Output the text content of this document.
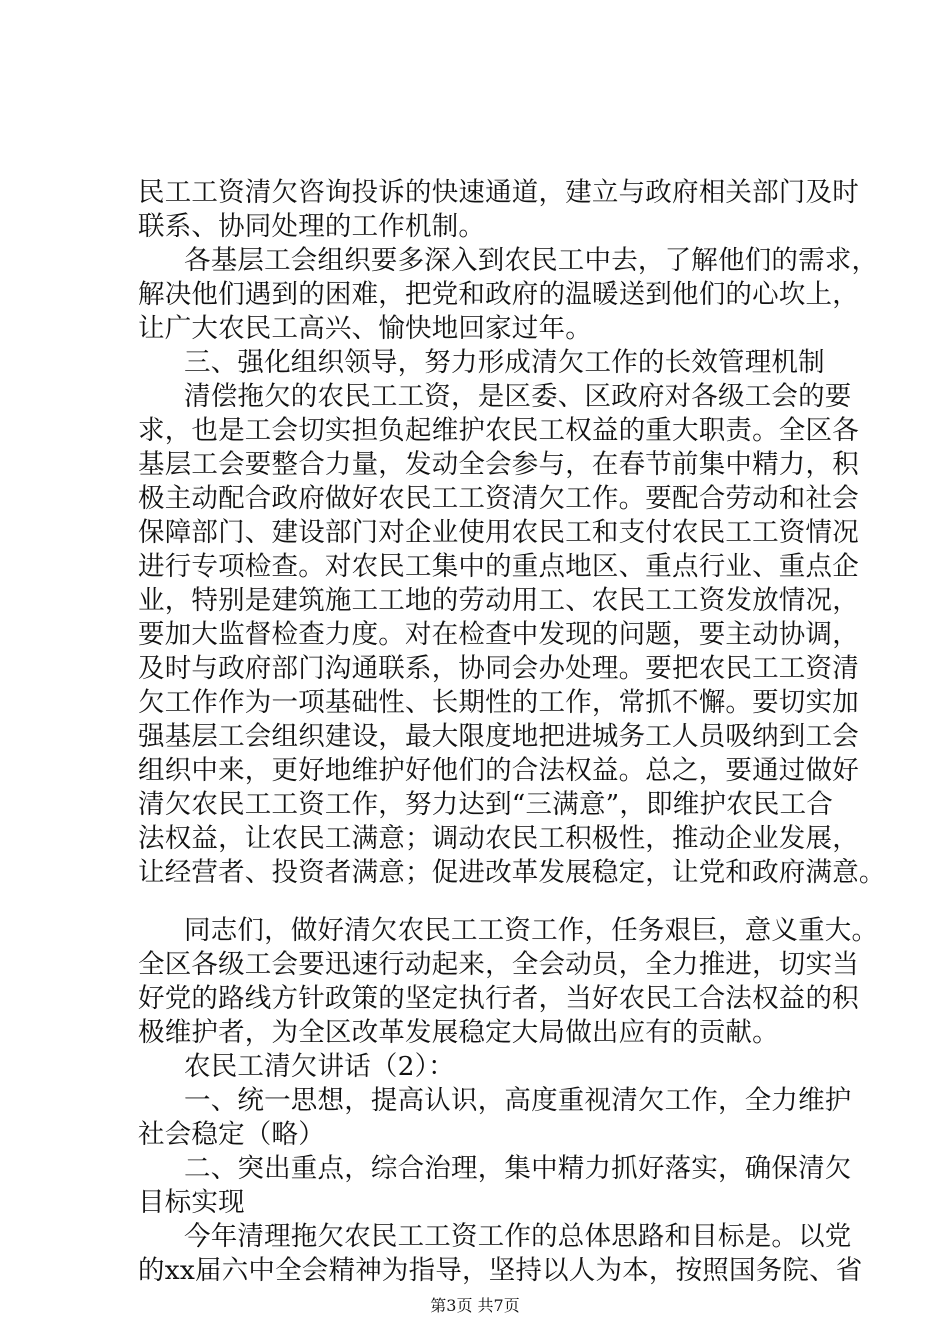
民工工资清欠咨询投诉的快速通道，建立与政府相关部门及时
联系、协同处理的工作机制。
各基层工会组织要多深入到农民工中去，了解他们的需求，
解决他们遇到的困难，把党和政府的温暖送到他们的心坎上，
让广大农民工高兴、愉快地回家过年。
三、强化组织领导，努力形成清欠工作的长效管理机制
清偿拖欠的农民工工资，是区委、区政府对各级工会的要
求，也是工会切实担负起维护农民工权益的重大职责。全区各
基层工会要整合力量，发动全会参与，在春节前集中精力，积
极主动配合政府做好农民工工资清欠工作。要配合劳动和社会
保障部门、建设部门对企业使用农民工和支付农民工工资情况
进行专项检查。对农民工集中的重点地区、重点行业、重点企
业，特别是建筑施工工地的劳动用工、农民工工资发放情况，
要加大监督检查力度。对在检查中发现的问题，要主动协调，
及时与政府部门沟通联系，协同会办处理。要把农民工工资清
欠工作作为一项基础性、长期性的工作，常抓不懈。要切实加
强基层工会组织建设，最大限度地把进城务工人员吸纳到工会
组织中来，更好地维护好他们的合法权益。总之，要通过做好
清欠农民工工资工作，努力达到“三满意”，即维护农民工合
法权益，让农民工满意；调动农民工积极性，推动企业发展，
让经营者、投资者满意；促进改革发展稳定，让党和政府满意。
同志们，做好清欠农民工工资工作，任务艰巨，意义重大。
全区各级工会要迅速行动起来，全会动员，全力推进，切实当
好党的路线方针政策的坚定执行者，当好农民工合法权益的积
极维护者，为全区改革发展稳定大局做出应有的贡献。
农民工清欠讲话（2）：
一、统一思想，提高认识，高度重视清欠工作，全力维护
社会稳定（略）
二、突出重点，综合治理，集中精力抓好落实，确保清欠
目标实现
今年清理拖欠农民工工资工作的总体思路和目标是。以党
的xx届六中全会精神为指导，坚持以人为本，按照国务院、省
第3页 共7页
